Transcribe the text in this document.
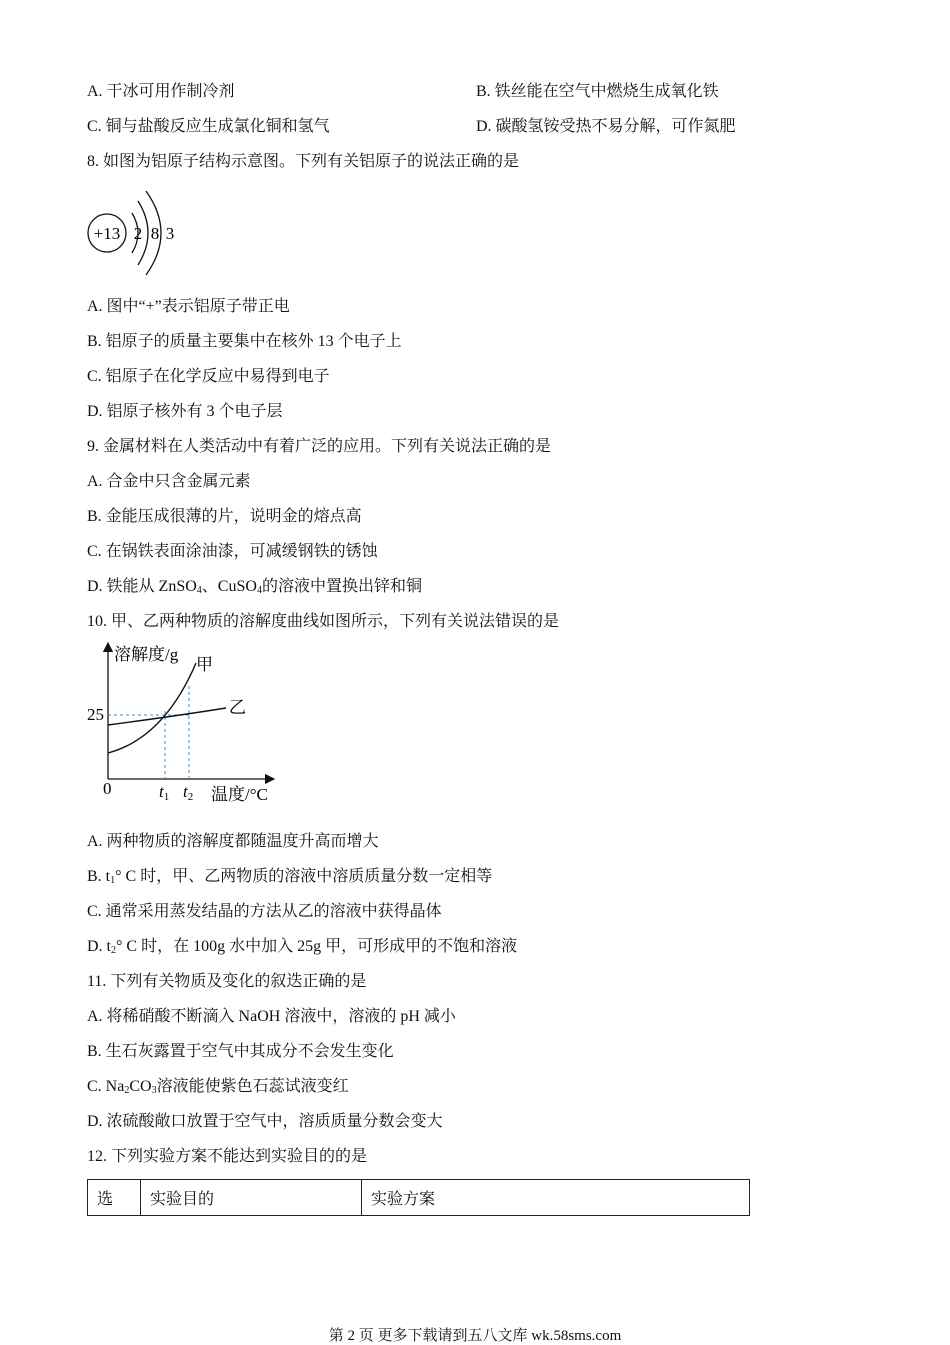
A. 干冰可用作制冷剂	B. 铁丝能在空气中燃烧生成氧化铁
C. 铜与盐酸反应生成氯化铜和氢气	D. 碳酸氢铵受热不易分解，可作氮肥
8. 如图为铝原子结构示意图。下列有关铝原子的说法正确的是
+13 2 8 3
A. 图中“+”表示铝原子带正电
B. 铝原子的质量主要集中在核外 13 个电子上
C. 铝原子在化学反应中易得到电子
D. 铝原子核外有 3 个电子层
9. 金属材料在人类活动中有着广泛的应用。下列有关说法正确的是
A. 合金中只含金属元素
B. 金能压成很薄的片，说明金的熔点高
C. 在锅铁表面涂油漆，可减缓钢铁的锈蚀
D. 铁能从 ZnSO$_4$、CuSO$_4$的溶液中置换出锌和铜
10. 甲、乙两种物质的溶解度曲线如图所示，下列有关说法错误的是
溶解度/g
温度/°C
0
25
甲
乙
t1 t2
A. 两种物质的溶解度都随温度升高而增大
B. $t_1^\circ$ C 时，甲、乙两物质的溶液中溶质质量分数一定相等
C. 通常采用蒸发结晶的方法从乙的溶液中获得晶体
D. $t_2^\circ$ C 时，在 100g 水中加入 25g 甲，可形成甲的不饱和溶液
11. 下列有关物质及变化的叙迭正确的是
A. 将稀硝酸不断滴入 NaOH 溶液中，溶液的 pH 减小
B. 生石灰露置于空气中其成分不会发生变化
C. $Na_2CO_3$溶液能使紫色石蕊试液变红
D. 浓硫酸敞口放置于空气中，溶质质量分数会变大
12. 下列实验方案不能达到实验目的的是
选	实验目的	实验方案
第 2 页 更多下载请到五八文库 wk.58sms.com
